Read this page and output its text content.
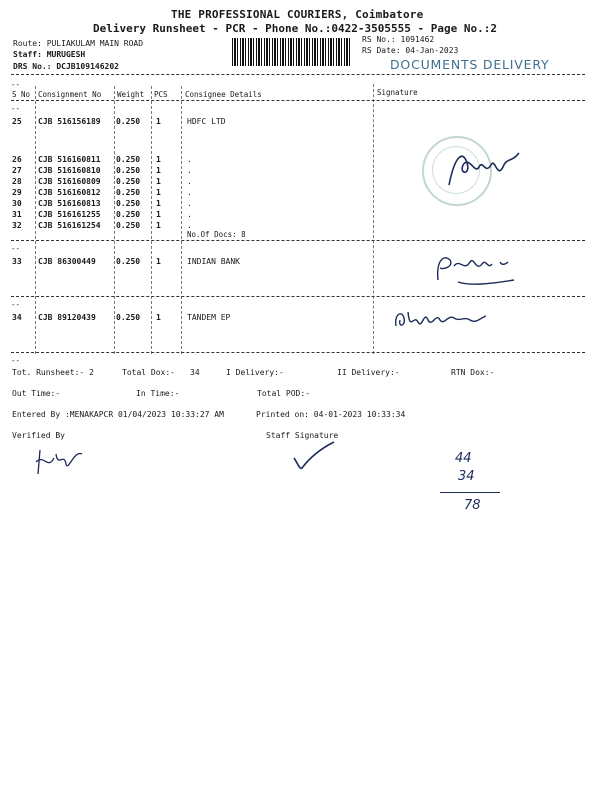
THE PROFESSIONAL COURIERS, Coimbatore
Delivery Runsheet - PCR - Phone No.:0422-3505555 - Page No.:2
Route: PULIAKULAM MAIN ROAD
Staff: MURUGESH
DRS No.: DCJB109146202
RS No.: 1091462
RS Date: 04-Jan-2023
DOCUMENTS DELIVERY
--
S No Consignment No Weight PCS Consignee Details	Signature
--
25 CJB 516156189 0.250 1	HDFC LTD
26 CJB 516160811 0.250 1	.
27 CJB 516160810 0.250 1	.
28 CJB 516160809 0.250 1	.
29 CJB 516160812 0.250 1	.
30 CJB 516160813 0.250 1	.
31 CJB 516161255 0.250 1	.
32 CJB 516161254 0.250 1	.
No.Of Docs: 8
--
33 CJB 86300449	0.250 1	INDIAN BANK
--
34 CJB 89120439	0.250 1	TANDEM EP
--
Tot. Runsheet:- 2	Total Dox:- 34	I Delivery:-	II Delivery:-	RTN Dox:-
Out Time:-	In Time:-	Total POD:-
Entered By :MENAKAPCR 01/04/2023 10:33:27 AM	Printed on: 04-01-2023 10:33:34
Verified By	Staff Signature
44
34
78
